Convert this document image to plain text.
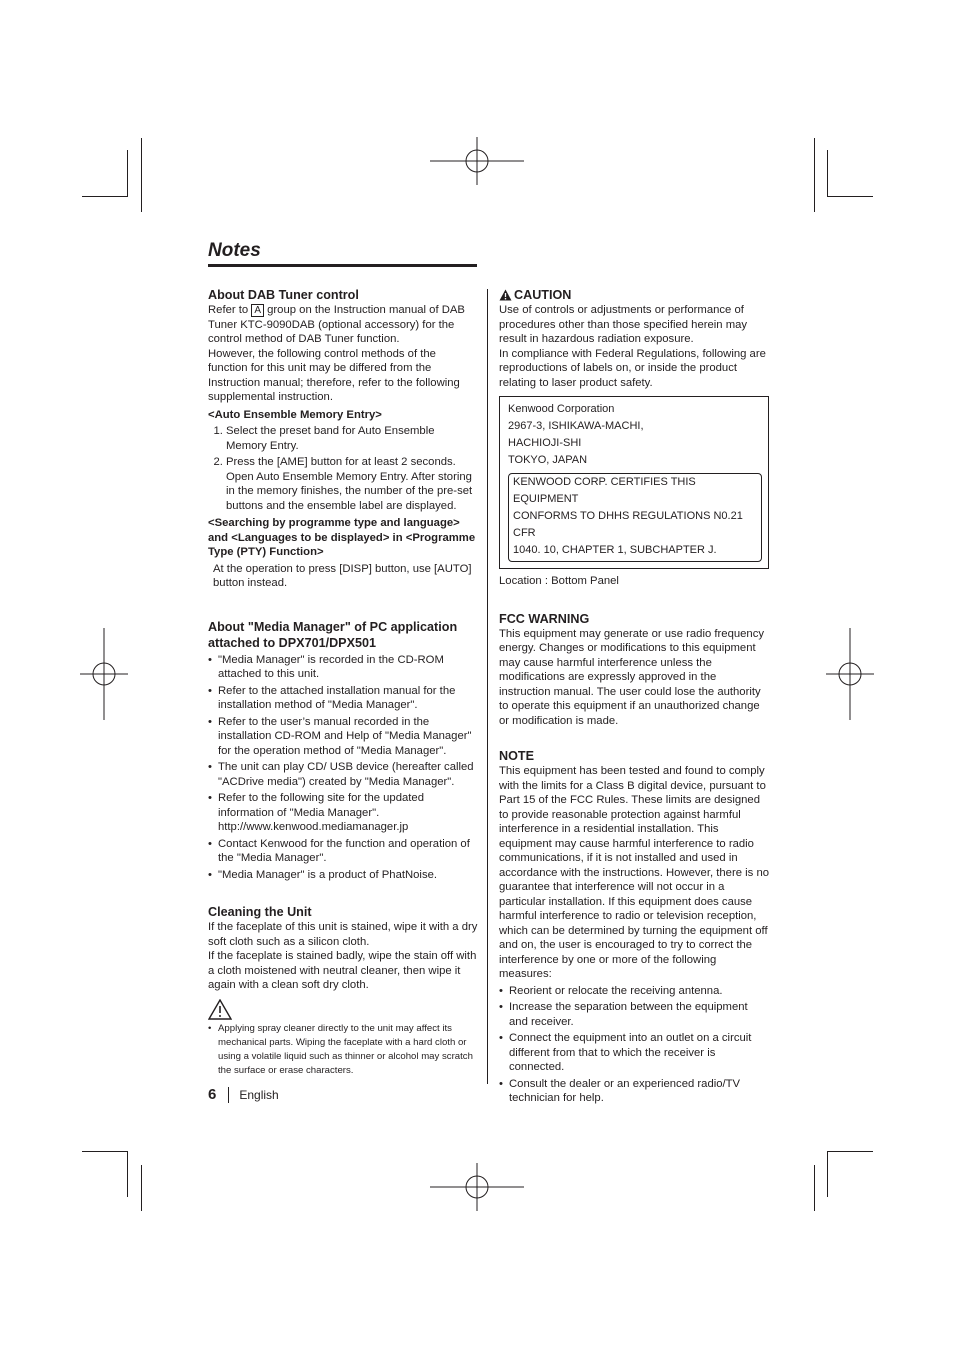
Notes
About DAB Tuner control

Refer to A group on the Instruction manual of DAB Tuner KTC-9090DAB (optional accessory) for the control method of DAB Tuner function.

However, the following control methods of the function for this unit may be differed from the Instruction manual; therefore, refer to the following supplemental instruction.

<Auto Ensemble Memory Entry>

1. Select the preset band for Auto Ensemble Memory Entry.
2. Press the [AME] button for at least 2 seconds. Open Auto Ensemble Memory Entry. After storing in the memory finishes, the number of the pre-set buttons and the ensemble label are displayed.

<Searching by programme type and language> and <Languages to be displayed> in <Programme Type (PTY) Function>

At the operation to press [DISP] button, use [AUTO] button instead.

About "Media Manager" of PC application attached to DPX701/DPX501
• "Media Manager" is recorded in the CD-ROM attached to this unit.
• Refer to the attached installation manual for the installation method of "Media Manager".
• Refer to the user’s manual recorded in the installation CD-ROM and Help of "Media Manager" for the operation method of "Media Manager".
• The unit can play CD/ USB device (hereafter called "ACDrive media") created by "Media Manager".
• Refer to the following site for the updated information of "Media Manager". http://www.kenwood.mediamanager.jp
• Contact Kenwood for the function and operation of the "Media Manager".
• "Media Manager" is a product of PhatNoise.
Cleaning the Unit

If the faceplate of this unit is stained, wipe it with a dry soft cloth such as a silicon cloth.

If the faceplate is stained badly, wipe the stain off with a cloth moistened with neutral cleaner, then wipe it again with a clean soft dry cloth.

• Applying spray cleaner directly to the unit may affect its mechanical parts. Wiping the faceplate with a hard cloth or using a volatile liquid such as thinner or alcohol may scratch the surface or erase characters.
CAUTION

Use of controls or adjustments or performance of procedures other than those specified herein may result in hazardous radiation exposure.

In compliance with Federal Regulations, following are reproductions of labels on, or inside the product relating to laser product safety.

Kenwood Corporation
2967-3, ISHIKAWA-MACHI,
HACHIOJI-SHI
TOKYO, JAPAN
KENWOOD CORP. CERTIFIES THIS EQUIPMENT
CONFORMS TO DHHS REGULATIONS N0.21 CFR
1040. 10, CHAPTER 1, SUBCHAPTER J.

Location : Bottom Panel

FCC WARNING

This equipment may generate or use radio frequency energy. Changes or modifications to this equipment may cause harmful interference unless the modifications are expressly approved in the instruction manual. The user could lose the authority to operate this equipment if an unauthorized change or modification is made.

NOTE

This equipment has been tested and found to comply with the limits for a Class B digital device, pursuant to Part 15 of the FCC Rules. These limits are designed to provide reasonable protection against harmful interference in a residential installation. This equipment may cause harmful interference to radio communications, if it is not installed and used in accordance with the instructions. However, there is no guarantee that interference will not occur in a particular installation. If this equipment does cause harmful interference to radio or television reception, which can be determined by turning the equipment off and on, the user is encouraged to try to correct the interference by one or more of the following measures:

• Reorient or relocate the receiving antenna.
• Increase the separation between the equipment and receiver.
• Connect the equipment into an outlet on a circuit different from that to which the receiver is connected.
• Consult the dealer or an experienced radio/TV technician for help.
6 English
